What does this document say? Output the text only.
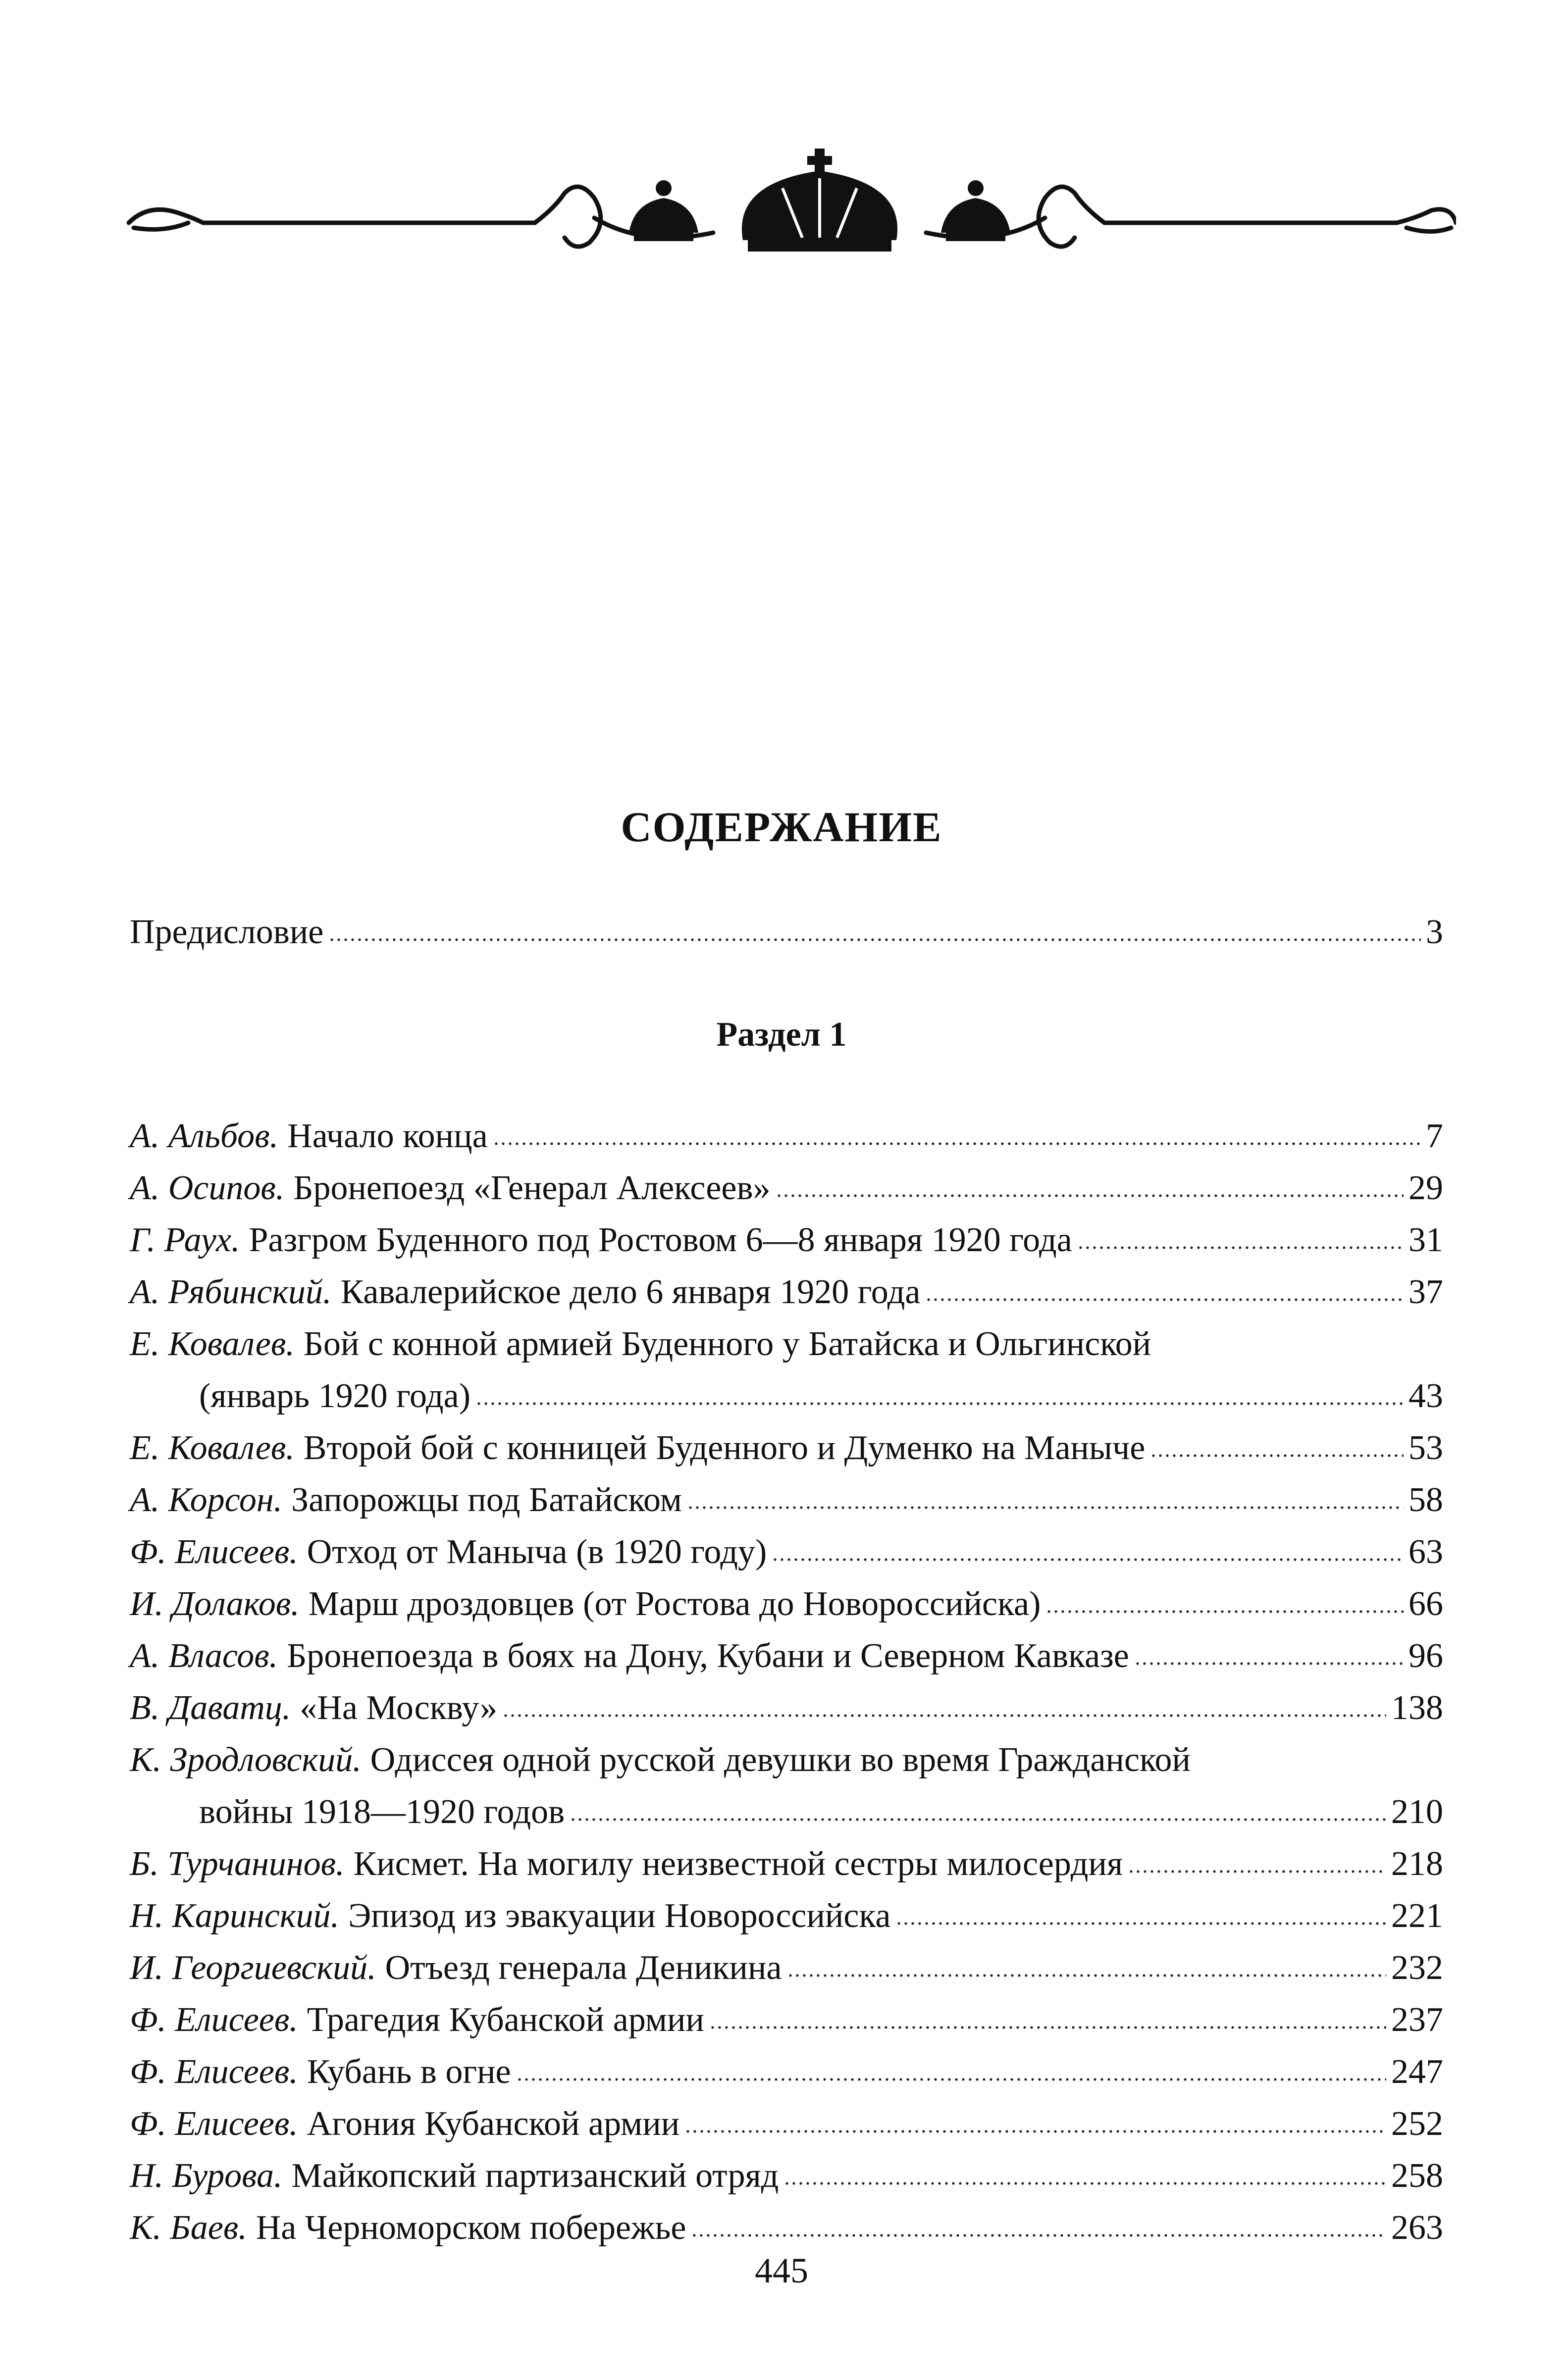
СОДЕРЖАНИЕ
Предисловие	3
Раздел 1
А. Альбов. Начало конца	7
А. Осипов. Бронепоезд «Генерал Алексеев»	29
Г. Раух. Разгром Буденного под Ростовом 6—8 января 1920 года	31
А. Рябинский. Кавалерийское дело 6 января 1920 года	37
Е. Ковалев. Бой с конной армией Буденного у Батайска и Ольгинской
(январь 1920 года)	43
Е. Ковалев. Второй бой с конницей Буденного и Думенко на Маныче	53
А. Корсон. Запорожцы под Батайском	58
Ф. Елисеев. Отход от Маныча (в 1920 году)	63
И. Долаков. Марш дроздовцев (от Ростова до Новороссийска)	66
А. Власов. Бронепоезда в боях на Дону, Кубани и Северном Кавказе	96
В. Даватц. «На Москву»	138
К. Зродловский. Одиссея одной русской девушки во время Гражданской
войны 1918—1920 годов	210
Б. Турчанинов. Кисмет. На могилу неизвестной сестры милосердия	218
Н. Каринский. Эпизод из эвакуации Новороссийска	221
И. Георгиевский. Отъезд генерала Деникина	232
Ф. Елисеев. Трагедия Кубанской армии	237
Ф. Елисеев. Кубань в огне	247
Ф. Елисеев. Агония Кубанской армии	252
Н. Бурова. Майкопский партизанский отряд	258
К. Баев. На Черноморском побережье	263
445
